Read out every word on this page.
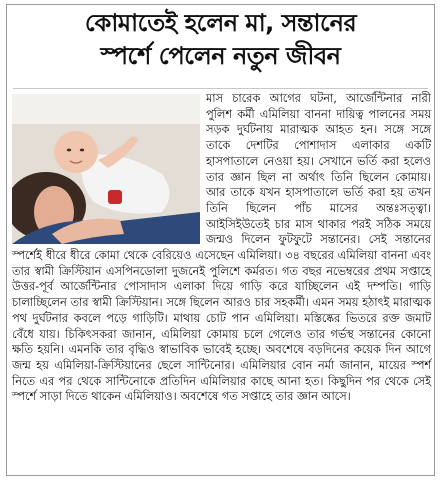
কোমাতেই হলেন মা, সন্তানের
স্পর্শে পেলেন নতুন জীবন
মাস চারেক আগের ঘটনা, আর্জেন্টিনার নারী পুলিশ কর্মী এমিলিয়া বাননা দায়িত্ব পালনের সময় সড়ক দুর্ঘটনায় মারাত্মক আহত হন। সঙ্গে সঙ্গে তাকে দেশটির পোশাদাস এলাকার একটি হাসপাতালে নেওয়া হয়। সেখানে ভর্তি করা হলেও তার জ্ঞান ছিল না অর্থাৎ তিনি ছিলেন কোমায়। আর তাকে যখন হাসপাতালে ভর্তি করা হয় তখন তিনি ছিলেন পাঁচ মাসের অন্তঃসত্ত্বা। আইসিইউতেই চার মাস থাকার পরই সঠিক সময়ে জন্মও দিলেন ফুটফুটে সন্তানের। সেই সন্তানের স্পর্শেই ধীরে ধীরে কোমা থেকে বেরিয়েও এসেছেন এমিলিয়া। ৩৪ বছরের এমিলিয়া বাননা এবং তার স্বামী ক্রিস্টিয়ান এসপিনডোলা দুজনেই পুলিশে কর্মরত। গত বছর নভেম্বরের প্রথম সপ্তাহে উত্তর-পূর্ব আর্জেন্টিনার পোসাদাস এলাকা দিয়ে গাড়ি করে যাচ্ছিলেন এই দম্পতি। গাড়ি চালাচ্ছিলেন তার স্বামী ক্রিস্টিয়ান। সঙ্গে ছিলেন আরও চার সহকর্মী। এমন সময় হঠাৎই মারাত্মক পথ দুর্ঘটনার কবলে পড়ে গাড়িটি। মাথায় চোট পান এমিলিয়া। মস্তিষ্কের ভিতরে রক্ত জমাট বেঁধে যায়। চিকিৎসকরা জানান, এমিলিয়া কোমায় চলে গেলেও তার গর্ভস্থ সন্তানের কোনো ক্ষতি হয়নি। এমনকি তার বৃদ্ধিও স্বাভাবিক ভাবেই হচ্ছে। অবশেষে বড়দিনের কয়েক দিন আগে জন্ম হয় এমিলিয়া-ক্রিস্টিয়ানের ছেলে সান্টিনোর। এমিলিয়ার বোন নর্মা জানান, মায়ের স্পর্শ নিতে এর পর থেকে সান্টিনোকে প্রতিদিন এমিলিয়ার কাছে আনা হত। কিছুদিন পর থেকে সেই স্পর্শে সাড়া দিতে থাকেন এমিলিয়াও। অবশেষে গত সপ্তাহে তার জ্ঞান আসে।
